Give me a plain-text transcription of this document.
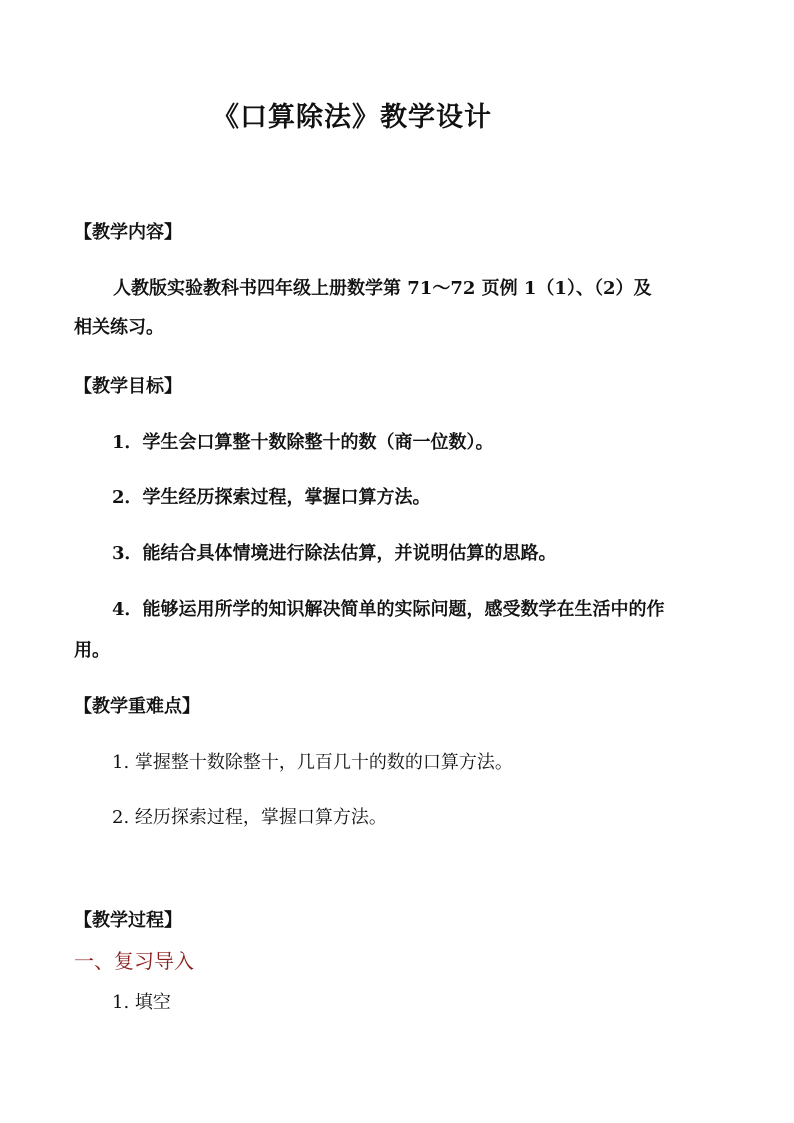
《口算除法》教学设计
【教学内容】
人教版实验教科书四年级上册数学第 71～72 页例 1（1）、（2）及
相关练习。
【教学目标】
1．学生会口算整十数除整十的数（商一位数）。
2．学生经历探索过程，掌握口算方法。
3．能结合具体情境进行除法估算，并说明估算的思路。
4．能够运用所学的知识解决简单的实际问题，感受数学在生活中的作
用。
【教学重难点】
1. 掌握整十数除整十，几百几十的数的口算方法。
2. 经历探索过程，掌握口算方法。
【教学过程】
一、复习导入
1. 填空
